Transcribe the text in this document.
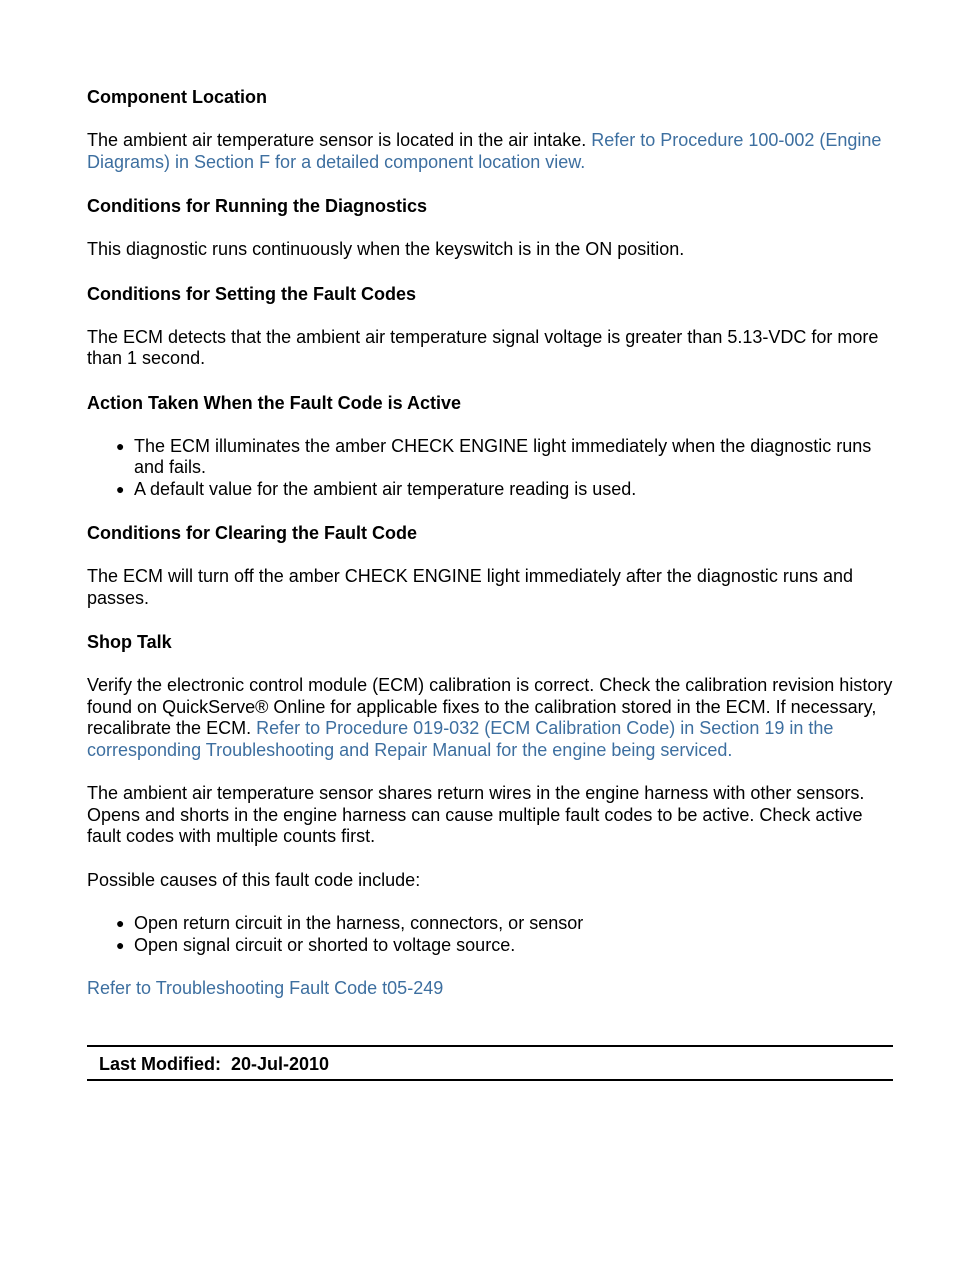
Component Location
The ambient air temperature sensor is located in the air intake. Refer to Procedure 100-002 (Engine Diagrams) in Section F for a detailed component location view.
Conditions for Running the Diagnostics
This diagnostic runs continuously when the keyswitch is in the ON position.
Conditions for Setting the Fault Codes
The ECM detects that the ambient air temperature signal voltage is greater than 5.13-VDC for more than 1 second.
Action Taken When the Fault Code is Active
● The ECM illuminates the amber CHECK ENGINE light immediately when the diagnostic runs and fails.
● A default value for the ambient air temperature reading is used.
Conditions for Clearing the Fault Code
The ECM will turn off the amber CHECK ENGINE light immediately after the diagnostic runs and passes.
Shop Talk
Verify the electronic control module (ECM) calibration is correct. Check the calibration revision history found on QuickServe® Online for applicable fixes to the calibration stored in the ECM. If necessary, recalibrate the ECM. Refer to Procedure 019-032 (ECM Calibration Code) in Section 19 in the corresponding Troubleshooting and Repair Manual for the engine being serviced.
The ambient air temperature sensor shares return wires in the engine harness with other sensors. Opens and shorts in the engine harness can cause multiple fault codes to be active. Check active fault codes with multiple counts first.
Possible causes of this fault code include:
● Open return circuit in the harness, connectors, or sensor
● Open signal circuit or shorted to voltage source.
Refer to Troubleshooting Fault Code t05-249
Last Modified:  20-Jul-2010
